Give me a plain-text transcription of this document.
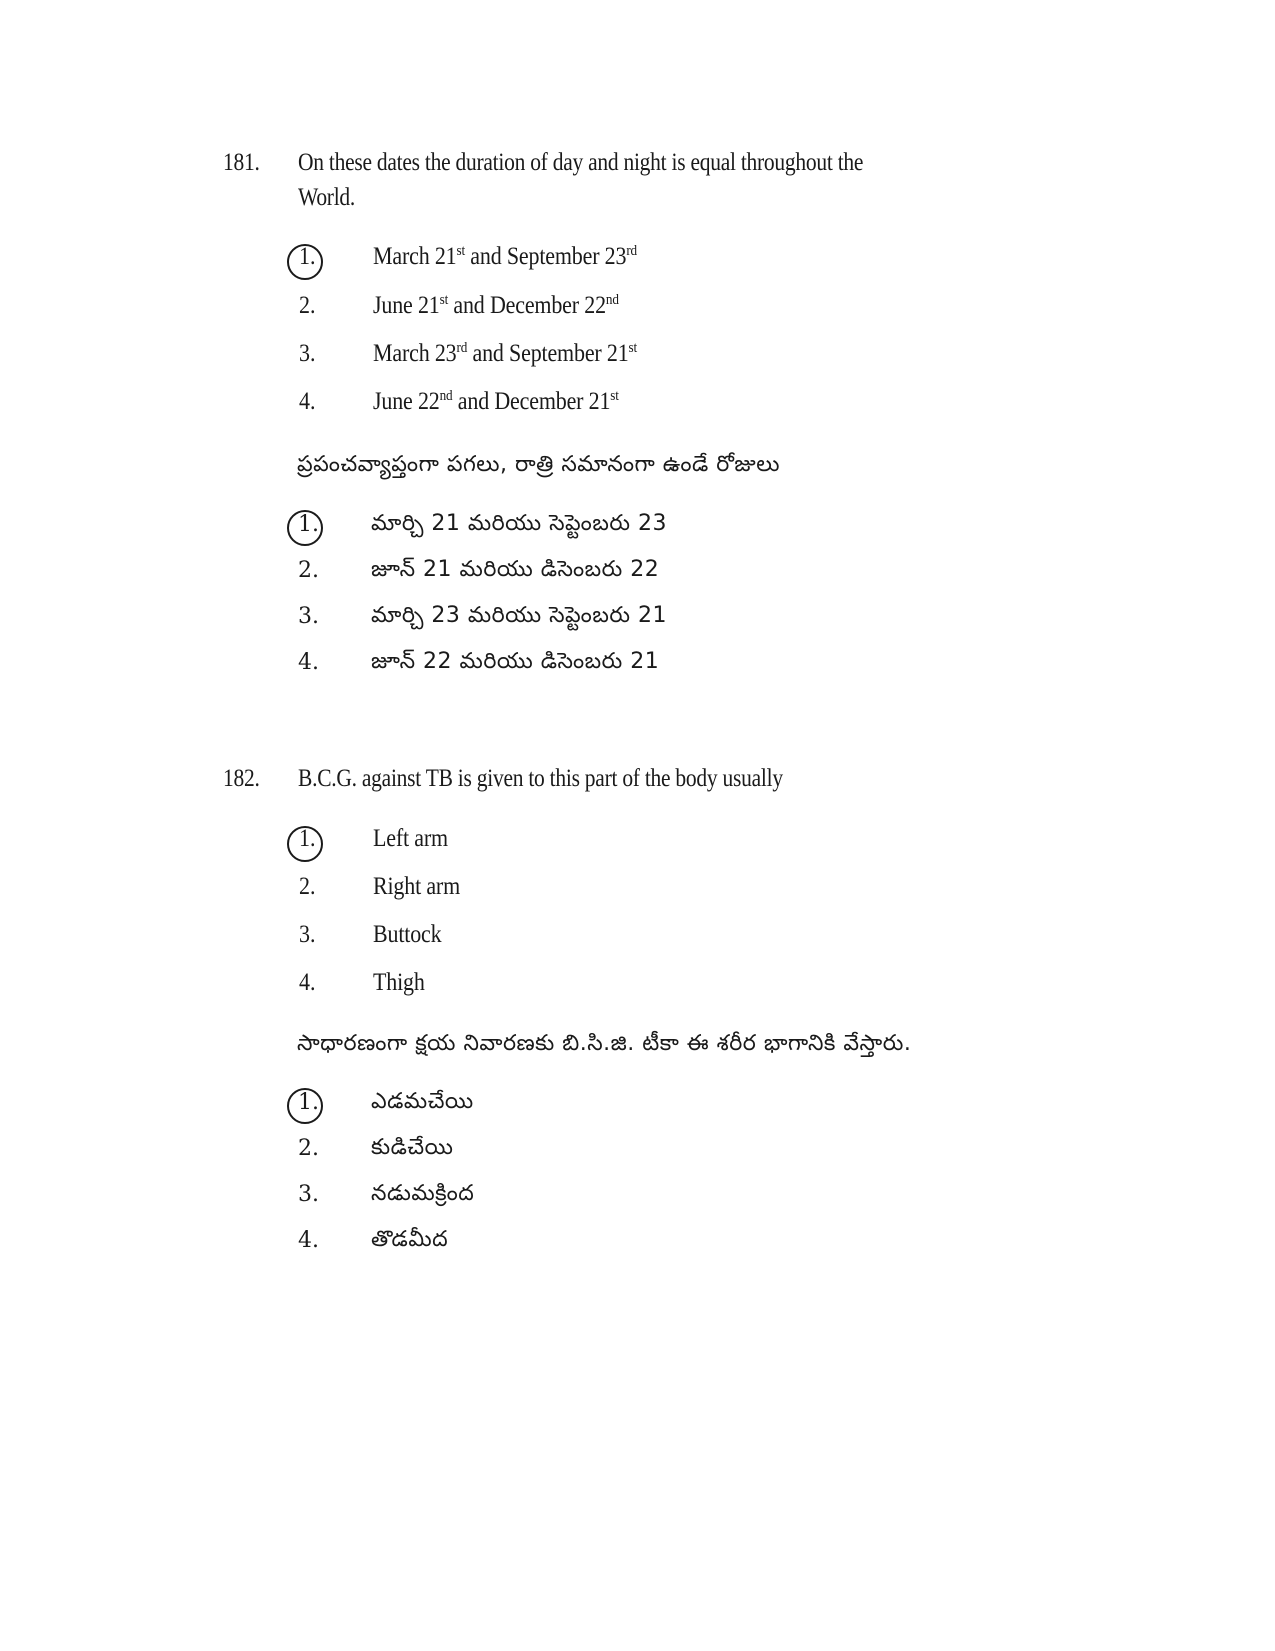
181. On these dates the duration of day and night is equal throughout the
World.
1. March 21st and September 23rd
2. June 21st and December 22nd
3. March 23rd and September 21st
4. June 22nd and December 21st
ప్రపంచవ్యాప్తంగా పగలు, రాత్రి సమానంగా ఉండే రోజులు
1. మార్చి 21 మరియు సెప్టెంబరు 23
2. జూన్ 21 మరియు డిసెంబరు 22
3. మార్చి 23 మరియు సెప్టెంబరు 21
4. జూన్ 22 మరియు డిసెంబరు 21
182. B.C.G. against TB is given to this part of the body usually
1. Left arm
2. Right arm
3. Buttock
4. Thigh
సాధారణంగా క్షయ నివారణకు బి.సి.జి. టీకా ఈ శరీర భాగానికి వేస్తారు.
1. ఎడమచేయి
2. కుడిచేయి
3. నడుమక్రింద
4. తొడమీద
